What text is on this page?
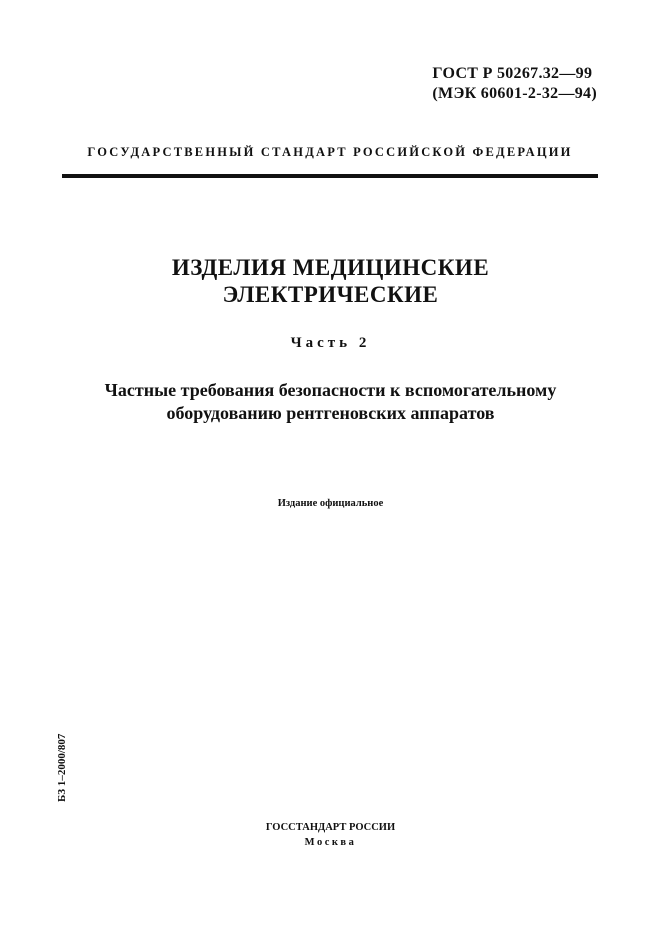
ГОСТ Р 50267.32—99
(МЭК 60601-2-32—94)
ГОСУДАРСТВЕННЫЙ СТАНДАРТ РОССИЙСКОЙ ФЕДЕРАЦИИ
ИЗДЕЛИЯ МЕДИЦИНСКИЕ
ЭЛЕКТРИЧЕСКИЕ
Часть 2
Частные требования безопасности к вспомогательному
оборудованию рентгеновских аппаратов
Издание официальное
БЗ 1–2000/807
ГОССТАНДАРТ РОССИИ
Москва
